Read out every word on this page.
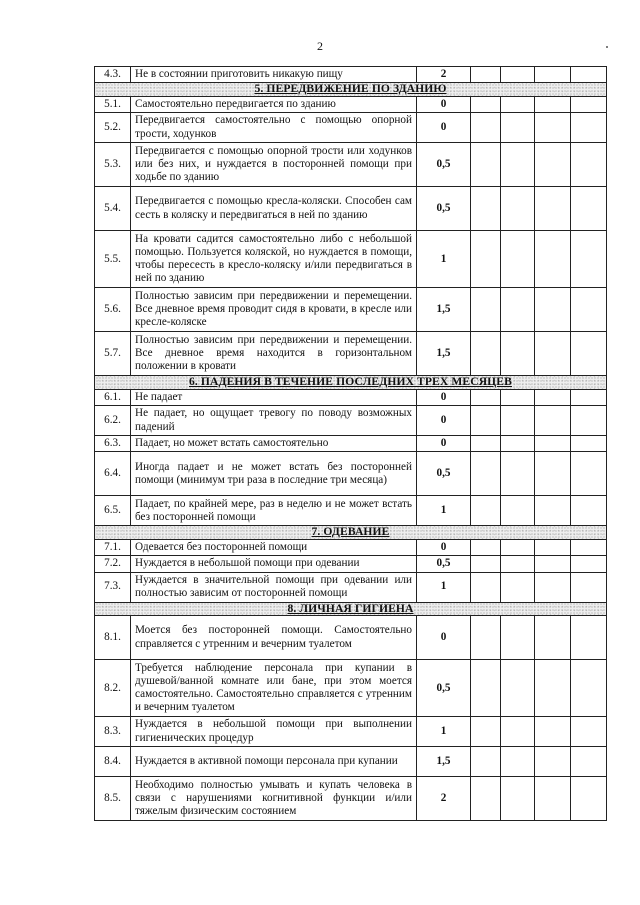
2
4.3.	Не в состоянии приготовить никакую пищу	2				
5. ПЕРЕДВИЖЕНИЕ ПО ЗДАНИЮ						
5.1.	Самостоятельно передвигается по зданию	0				
5.2.	Передвигается самостоятельно с помощью опорной трости, ходунков	0				
5.3.	Передвигается с помощью опорной трости или ходунков или без них, и нуждается в посторонней помощи при ходьбе по зданию	0,5				
5.4.	Передвигается с помощью кресла-коляски. Способен сам сесть в коляску и передвигаться в ней по зданию	0,5				
5.5.	На кровати садится самостоятельно либо с небольшой помощью. Пользуется коляской, но нуждается в помощи, чтобы пересесть в кресло-коляску и/или передвигаться в ней по зданию	1				
5.6.	Полностью зависим при передвижении и перемещении. Все дневное время проводит сидя в кровати, в кресле или кресле-коляске	1,5				
5.7.	Полностью зависим при передвижении и перемещении. Все дневное время находится в горизонтальном положении в кровати	1,5				
6. ПАДЕНИЯ В ТЕЧЕНИЕ ПОСЛЕДНИХ ТРЕХ МЕСЯЦЕВ						
6.1.	Не падает	0				
6.2.	Не падает, но ощущает тревогу по поводу возможных падений	0				
6.3.	Падает, но может встать самостоятельно	0				
6.4.	Иногда падает и не может встать без посторонней помощи (минимум три раза в последние три месяца)	0,5				
6.5.	Падает, по крайней мере, раз в неделю и не может встать без посторонней помощи	1				
7. ОДЕВАНИЕ						
7.1.	Одевается без посторонней помощи	0				
7.2.	Нуждается в небольшой помощи при одевании	0,5				
7.3.	Нуждается в значительной помощи при одевании или полностью зависим от посторонней помощи	1				
8. ЛИЧНАЯ ГИГИЕНА						
8.1.	Моется без посторонней помощи. Самостоятельно справляется с утренним и вечерним туалетом	0				
8.2.	Требуется наблюдение персонала при купании в душевой/ванной комнате или бане, при этом моется самостоятельно. Самостоятельно справляется с утренним и вечерним туалетом	0,5				
8.3.	Нуждается в небольшой помощи при выполнении гигиенических процедур	1				
8.4.	Нуждается в активной помощи персонала при купании	1,5				
8.5.	Необходимо полностью умывать и купать человека в связи с нарушениями когнитивной функции и/или тяжелым физическим состоянием	2				
